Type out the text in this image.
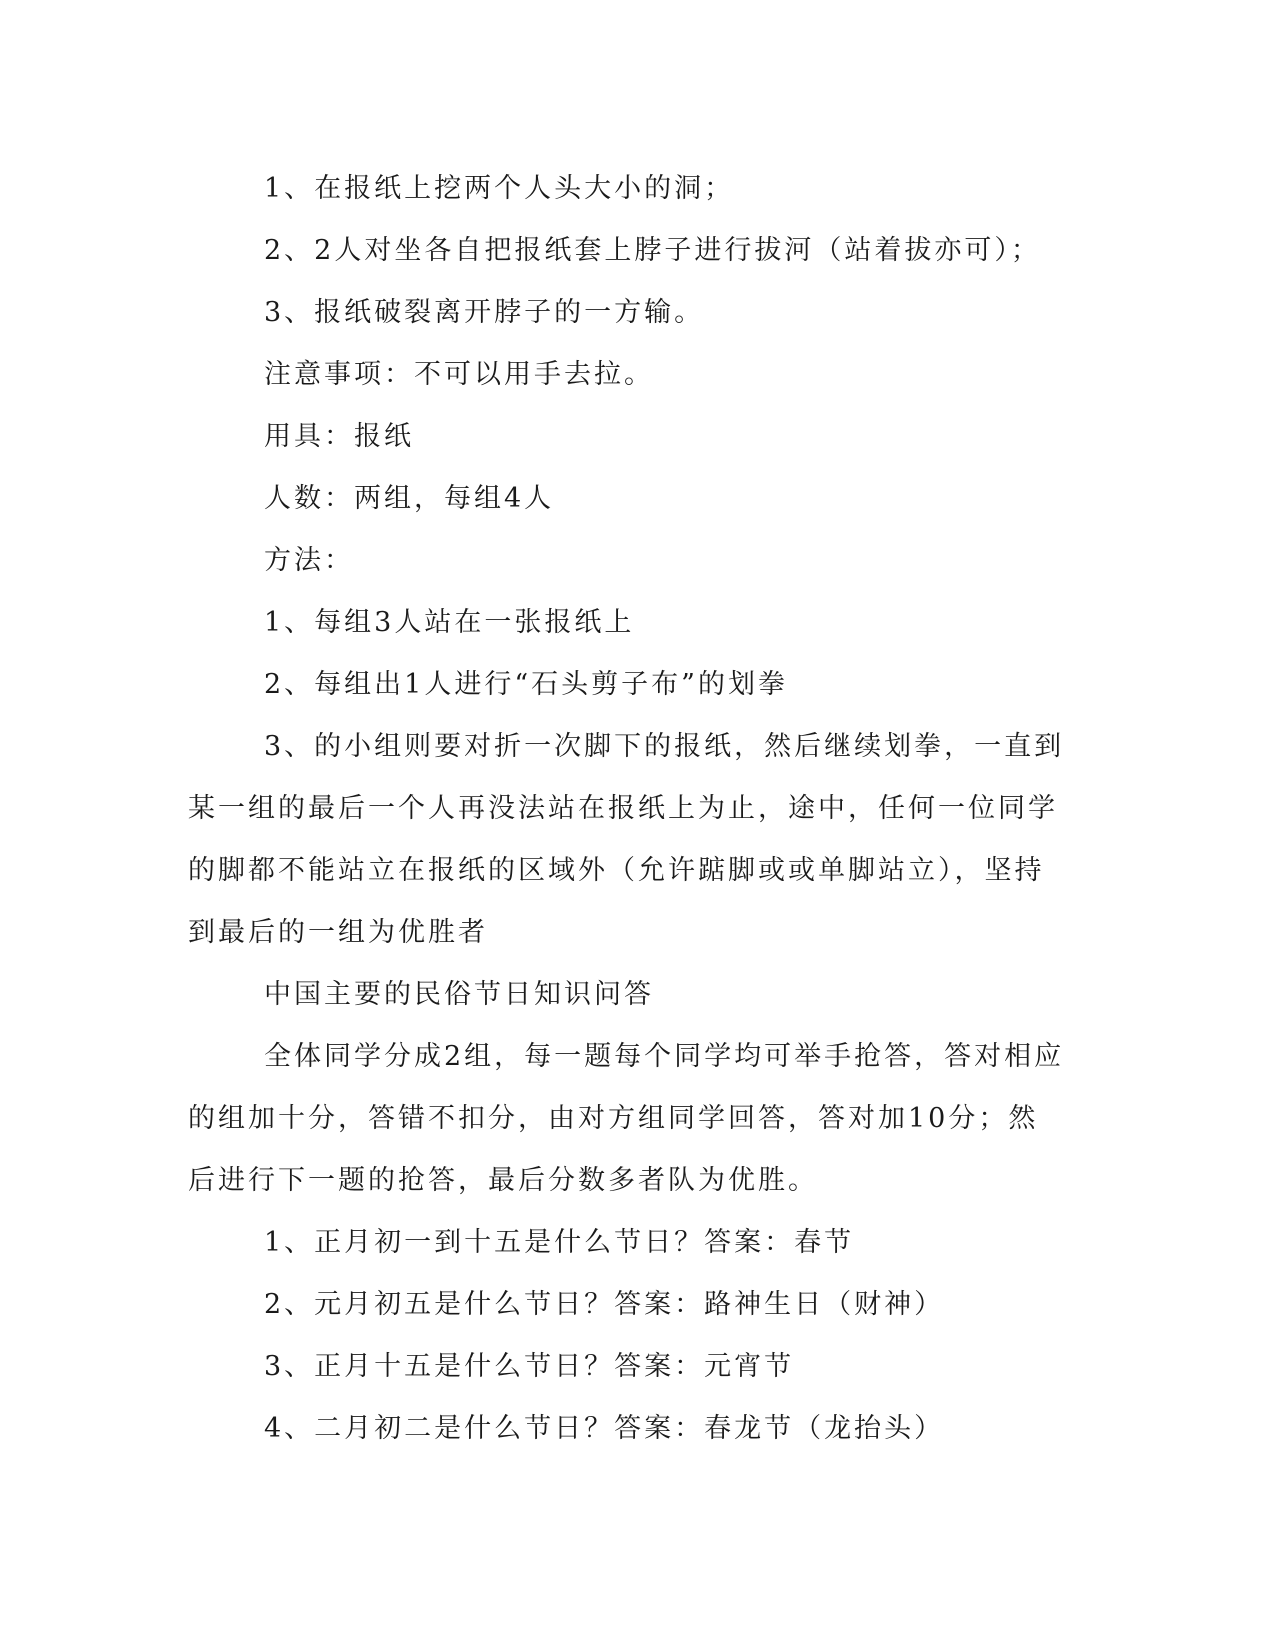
1、在报纸上挖两个人头大小的洞；

2、2人对坐各自把报纸套上脖子进行拔河（站着拔亦可）；

3、报纸破裂离开脖子的一方输。

注意事项：不可以用手去拉。

用具：报纸

人数：两组，每组4人

方法：

1、每组3人站在一张报纸上

2、每组出1人进行“石头剪子布”的划拳

3、的小组则要对折一次脚下的报纸，然后继续划拳，一直到某一组的最后一个人再没法站在报纸上为止，途中，任何一位同学的脚都不能站立在报纸的区域外（允许踮脚或或单脚站立），坚持到最后的一组为优胜者

中国主要的民俗节日知识问答

全体同学分成2组，每一题每个同学均可举手抢答，答对相应的组加十分，答错不扣分，由对方组同学回答，答对加10分；然后进行下一题的抢答，最后分数多者队为优胜。

1、正月初一到十五是什么节日？答案：春节

2、元月初五是什么节日？答案：路神生日（财神）

3、正月十五是什么节日？答案：元宵节

4、二月初二是什么节日？答案：春龙节（龙抬头）
